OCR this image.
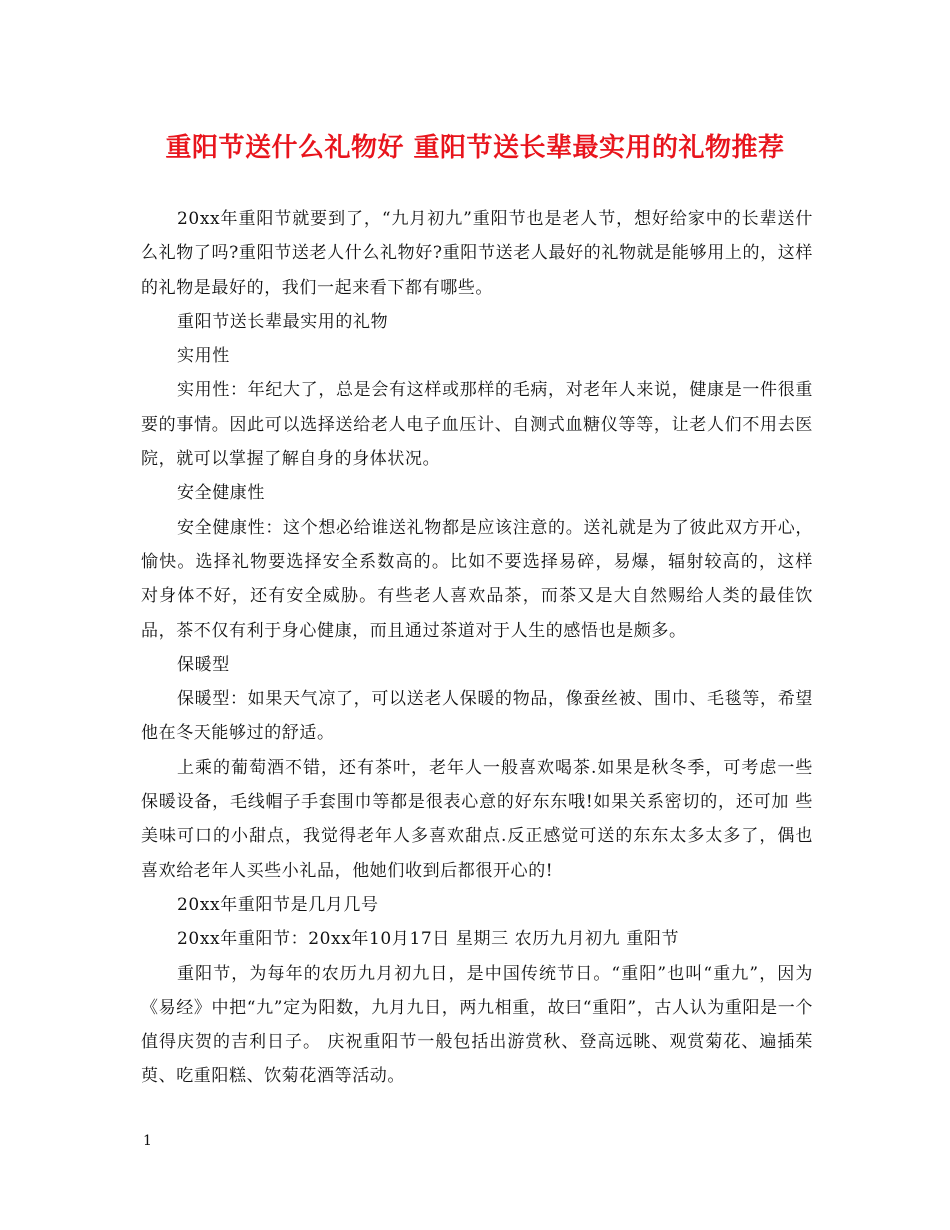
重阳节送什么礼物好 重阳节送长辈最实用的礼物推荐

20xx年重阳节就要到了，“九月初九”重阳节也是老人节，想好给家中的长辈送什么礼物了吗?重阳节送老人什么礼物好?重阳节送老人最好的礼物就是能够用上的，这样的礼物是最好的，我们一起来看下都有哪些。

重阳节送长辈最实用的礼物

实用性

实用性：年纪大了，总是会有这样或那样的毛病，对老年人来说，健康是一件很重要的事情。因此可以选择送给老人电子血压计、自测式血糖仪等等，让老人们不用去医院，就可以掌握了解自身的身体状况。

安全健康性

安全健康性：这个想必给谁送礼物都是应该注意的。送礼就是为了彼此双方开心，愉快。选择礼物要选择安全系数高的。比如不要选择易碎，易爆，辐射较高的，这样 对身体不好，还有安全威胁。有些老人喜欢品茶，而茶又是大自然赐给人类的最佳饮品，茶不仅有利于身心健康，而且通过茶道对于人生的感悟也是颇多。

保暖型

保暖型：如果天气凉了，可以送老人保暖的物品，像蚕丝被、围巾、毛毯等，希望他在冬天能够过的舒适。

上乘的葡萄酒不错，还有茶叶，老年人一般喜欢喝茶.如果是秋冬季，可考虑一些保暖设备，毛线帽子手套围巾等都是很表心意的好东东哦!如果关系密切的，还可加 些美味可口的小甜点，我觉得老年人多喜欢甜点.反正感觉可送的东东太多太多了，偶也喜欢给老年人买些小礼品，他她们收到后都很开心的!

20xx年重阳节是几月几号

20xx年重阳节：20xx年10月17日 星期三 农历九月初九 重阳节

重阳节，为每年的农历九月初九日，是中国传统节日。“重阳”也叫“重九”，因为《易经》中把“九”定为阳数，九月九日，两九相重，故曰“重阳”，古人认为重阳是一个值得庆贺的吉利日子。 庆祝重阳节一般包括出游赏秋、登高远眺、观赏菊花、遍插茱萸、吃重阳糕、饮菊花酒等活动。

1
